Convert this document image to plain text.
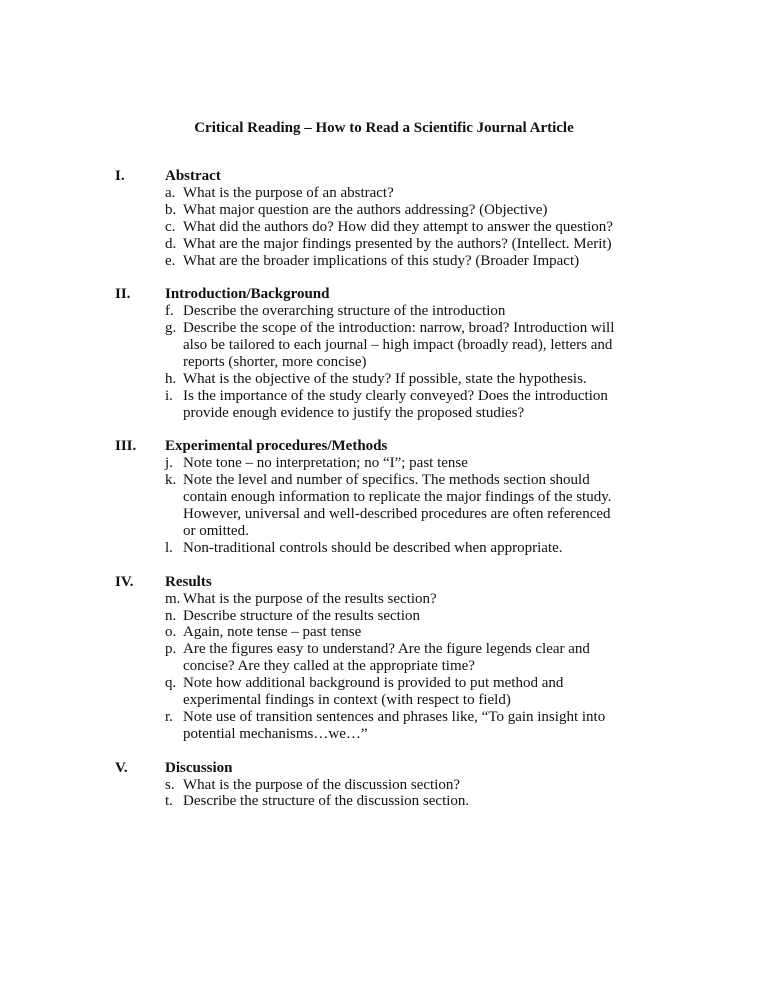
Critical Reading – How to Read a Scientific Journal Article
I.	Abstract
a. What is the purpose of an abstract?
b. What major question are the authors addressing? (Objective)
c. What did the authors do? How did they attempt to answer the question?
d. What are the major findings presented by the authors? (Intellect. Merit)
e. What are the broader implications of this study? (Broader Impact)
II. Introduction/Background
f. Describe the overarching structure of the introduction
g. Describe the scope of the introduction: narrow, broad? Introduction will
also be tailored to each journal – high impact (broadly read), letters and
reports (shorter, more concise)
h. What is the objective of the study? If possible, state the hypothesis.
i. Is the importance of the study clearly conveyed? Does the introduction
provide enough evidence to justify the proposed studies?
III. Experimental procedures/Methods
j. Note tone – no interpretation; no “I”; past tense
k. Note the level and number of specifics. The methods section should
contain enough information to replicate the major findings of the study.
However, universal and well-described procedures are often referenced
or omitted.
l. Non-traditional controls should be described when appropriate.
IV. Results
m. What is the purpose of the results section?
n. Describe structure of the results section
o. Again, note tense – past tense
p. Are the figures easy to understand? Are the figure legends clear and
concise? Are they called at the appropriate time?
q. Note how additional background is provided to put method and
experimental findings in context (with respect to field)
r. Note use of transition sentences and phrases like, “To gain insight into
potential mechanisms…we…”
V. Discussion
s. What is the purpose of the discussion section?
t. Describe the structure of the discussion section.
